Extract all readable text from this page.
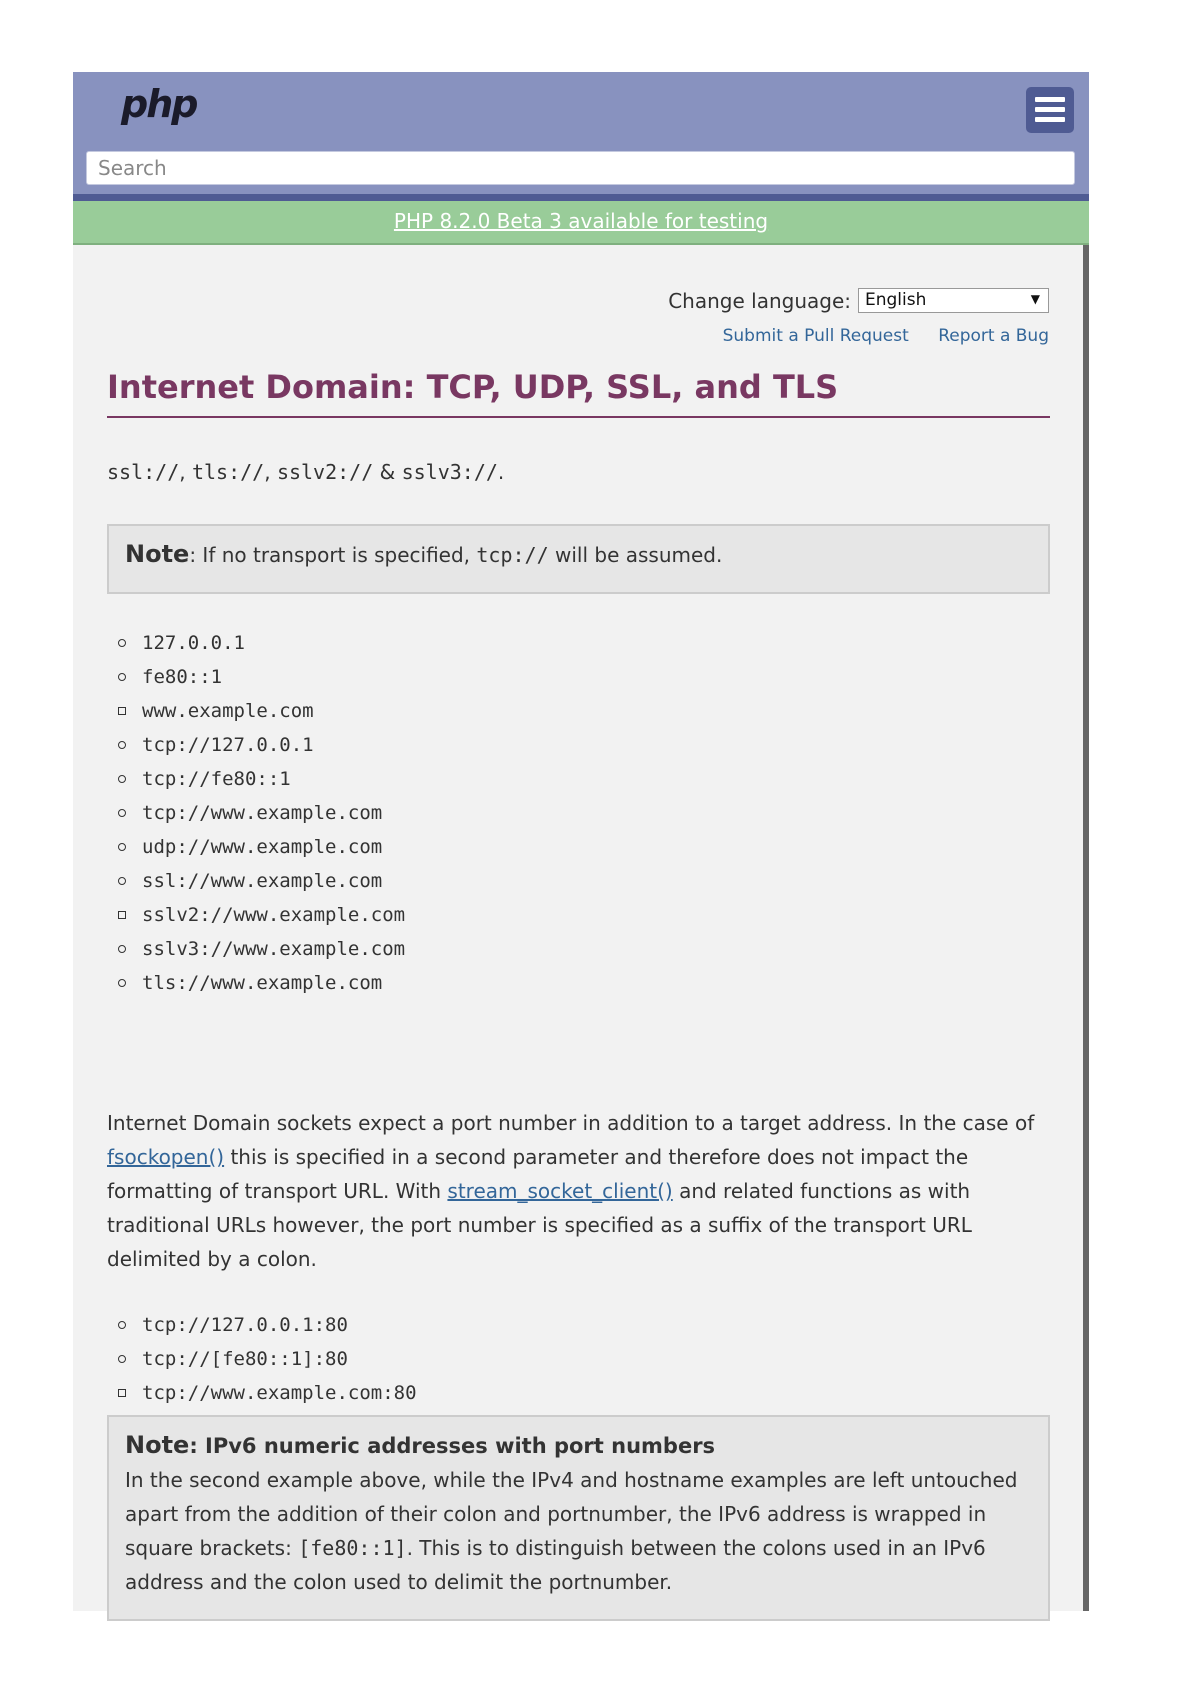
php
Search
PHP 8.2.0 Beta 3 available for testing
Change language: English	▼
Submit a Pull Request Report a Bug
Internet Domain: TCP, UDP, SSL, and TLS
ssl://, tls://, sslv2:// & sslv3://.
Note: If no transport is specified, tcp:// will be assumed.
127.0.0.1
fe80::1
www.example.com
tcp://127.0.0.1
tcp://fe80::1
tcp://www.example.com
udp://www.example.com
ssl://www.example.com
sslv2://www.example.com
sslv3://www.example.com
tls://www.example.com

Internet Domain sockets expect a port number in addition to a target address. In the case of fsockopen() this is specified in a second parameter and therefore does not impact the formatting of transport URL. With stream_socket_client() and related functions as with traditional URLs however, the port number is specified as a suffix of the transport URL delimited by a colon.

tcp://127.0.0.1:80
tcp://[fe80::1]:80
tcp://www.example.com:80
Note: IPv6 numeric addresses with port numbers

In the second example above, while the IPv4 and hostname examples are left untouched apart from the addition of their colon and portnumber, the IPv6 address is wrapped in square brackets: [fe80::1]. This is to distinguish between the colons used in an IPv6 address and the colon used to delimit the portnumber.
